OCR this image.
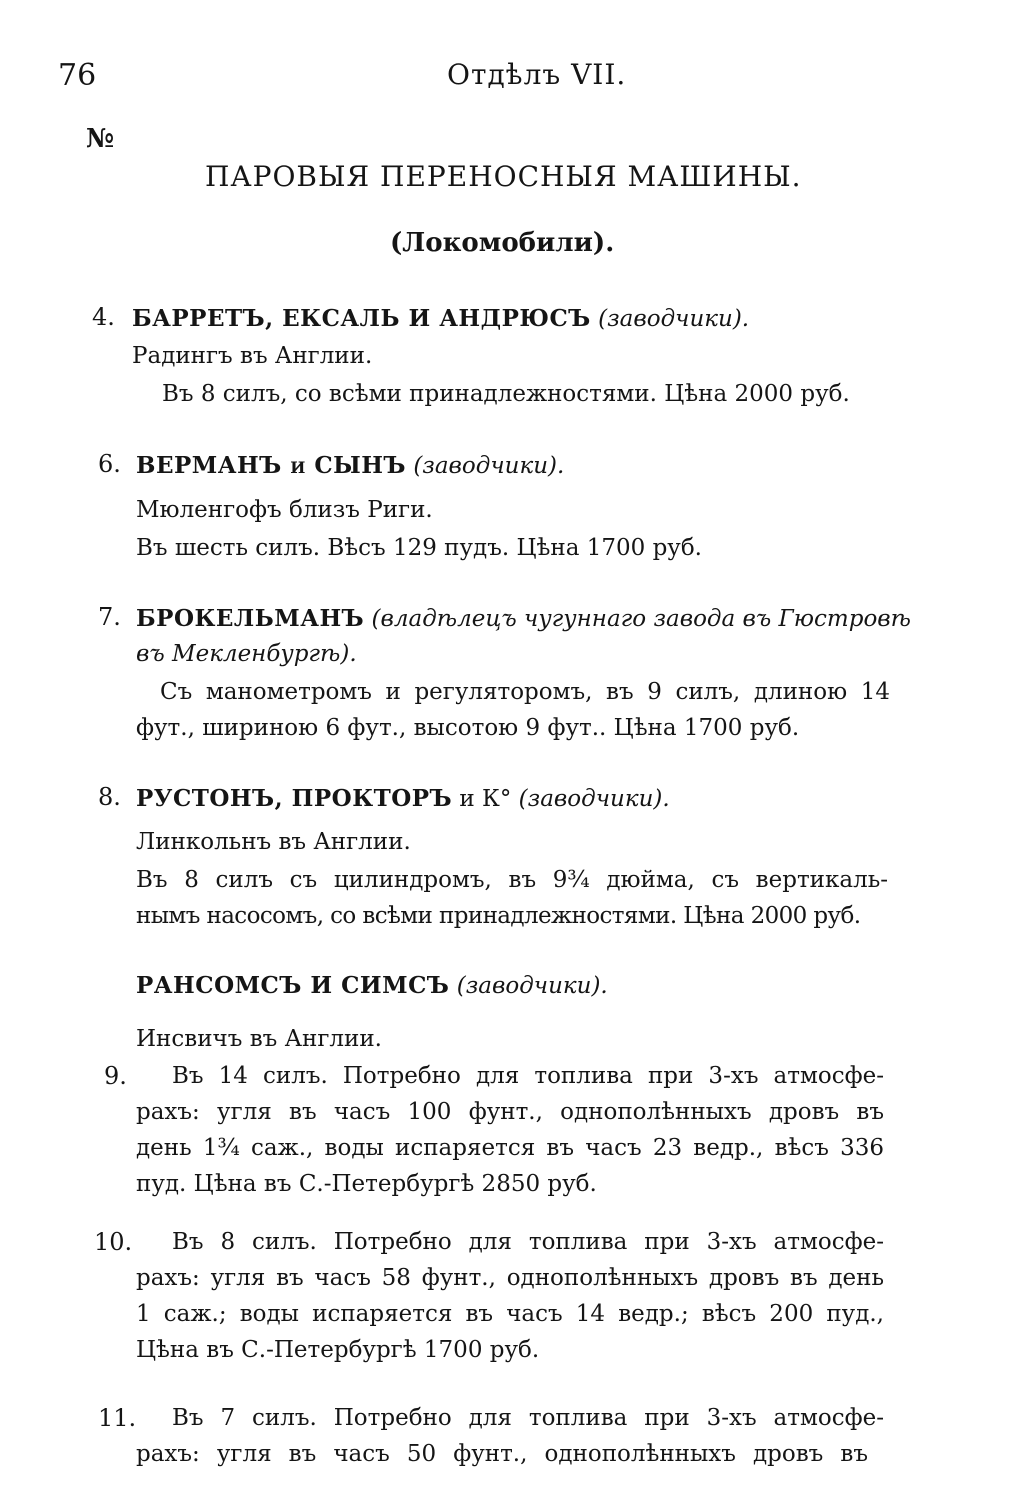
76	Отдѣлъ VII.
№
ПАРОВЫЯ ПЕРЕНОСНЫЯ МАШИНЫ.
(Локомобили).
4. БАРРЕТЪ, ЕКСАЛЬ И АНДРЮСЪ (заводчики).
Радингъ въ Англии.
Въ 8 силъ, со всѣми принадлежностями. Цѣна 2000 руб.
6. ВЕРМАНЪ и СЫНЪ (заводчики).
Мюленгофъ близъ Риги.
Въ шесть силъ. Вѣсъ 129 пудъ. Цѣна 1700 руб.
7. БРОКЕЛЬМАНЪ (владѣлецъ чугуннаго завода въ Гюстровѣ
въ Мекленбургѣ).
Съ манометромъ и регуляторомъ, въ 9 силъ, длиною 14
фут., шириною 6 фут., высотою 9 фут.. Цѣна 1700 руб.
8. РУСТОНЪ, ПРОКТОРЪ и К° (заводчики).
Линкольнъ въ Англии.
Въ 8 силъ съ цилиндромъ, въ 9¾ дюйма, съ вертикаль-
нымъ насосомъ, со всѣми принадлежностями. Цѣна 2000 руб.
РАНСОМСЪ И СИМСЪ (заводчики).
Инсвичъ въ Англии.
9. Въ 14 силъ. Потребно для топлива при 3-хъ атмосфе-
рахъ: угля въ часъ 100 фунт., однополѣнныхъ дровъ въ
день 1¾ саж., воды испаряется въ часъ 23 ведр., вѣсъ 336
пуд. Цѣна въ С.-Петербургѣ 2850 руб.
10. Въ 8 силъ. Потребно для топлива при 3-хъ атмосфе-
рахъ: угля въ часъ 58 фунт., однополѣнныхъ дровъ въ день
1 саж.; воды испаряется въ часъ 14 ведр.; вѣсъ 200 пуд.,
Цѣна въ С.-Петербургѣ 1700 руб.
11. Въ 7 силъ. Потребно для топлива при 3-хъ атмосфе-
рахъ: угля въ часъ 50 фунт., однополѣнныхъ дровъ въ
